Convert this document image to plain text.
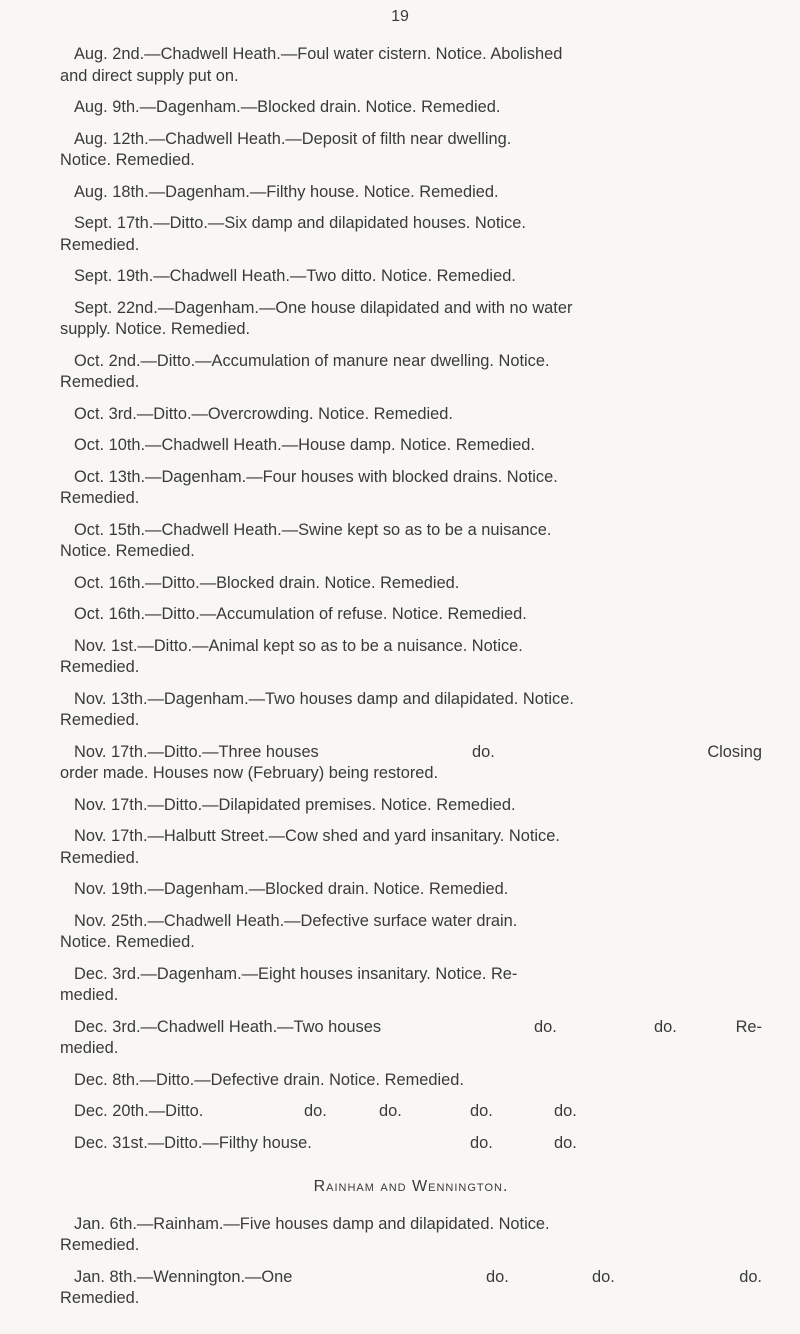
19
Aug. 2nd.—Chadwell Heath.—Foul water cistern. Notice. Abolished
and direct supply put on.
Aug. 9th.—Dagenham.—Blocked drain. Notice. Remedied.
Aug. 12th.—Chadwell Heath.—Deposit of filth near dwelling.
Notice. Remedied.
Aug. 18th.—Dagenham.—Filthy house. Notice. Remedied.
Sept. 17th.—Ditto.—Six damp and dilapidated houses. Notice.
Remedied.
Sept. 19th.—Chadwell Heath.—Two ditto. Notice. Remedied.
Sept. 22nd.—Dagenham.—One house dilapidated and with no water
supply. Notice. Remedied.
Oct. 2nd.—Ditto.—Accumulation of manure near dwelling. Notice.
Remedied.
Oct. 3rd.—Ditto.—Overcrowding. Notice. Remedied.
Oct. 10th.—Chadwell Heath.—House damp. Notice. Remedied.
Oct. 13th.—Dagenham.—Four houses with blocked drains. Notice.
Remedied.
Oct. 15th.—Chadwell Heath.—Swine kept so as to be a nuisance.
Notice. Remedied.
Oct. 16th.—Ditto.—Blocked drain. Notice. Remedied.
Oct. 16th.—Ditto.—Accumulation of refuse. Notice. Remedied.
Nov. 1st.—Ditto.—Animal kept so as to be a nuisance. Notice.
Remedied.
Nov. 13th.—Dagenham.—Two houses damp and dilapidated. Notice.
Remedied.
Nov. 17th.—Ditto.—Three houses	do.	Closing
order made. Houses now (February) being restored.
Nov. 17th.—Ditto.—Dilapidated premises. Notice. Remedied.
Nov. 17th.—Halbutt Street.—Cow shed and yard insanitary. Notice.
Remedied.
Nov. 19th.—Dagenham.—Blocked drain. Notice. Remedied.
Nov. 25th.—Chadwell Heath.—Defective surface water drain.
Notice. Remedied.
Dec. 3rd.—Dagenham.—Eight houses insanitary. Notice. Re-
medied.
Dec. 3rd.—Chadwell Heath.—Two houses	do.	do.	Re-
medied.
Dec. 8th.—Ditto.—Defective drain. Notice. Remedied.
Dec. 20th.—Ditto.	do.	do.	do.	do.
Dec. 31st.—Ditto.—Filthy house.	do.	do.
Rainham and Wennington.
Jan. 6th.—Rainham.—Five houses damp and dilapidated. Notice.
Remedied.
Jan. 8th.—Wennington.—One	do.	do.	do.
Remedied.
